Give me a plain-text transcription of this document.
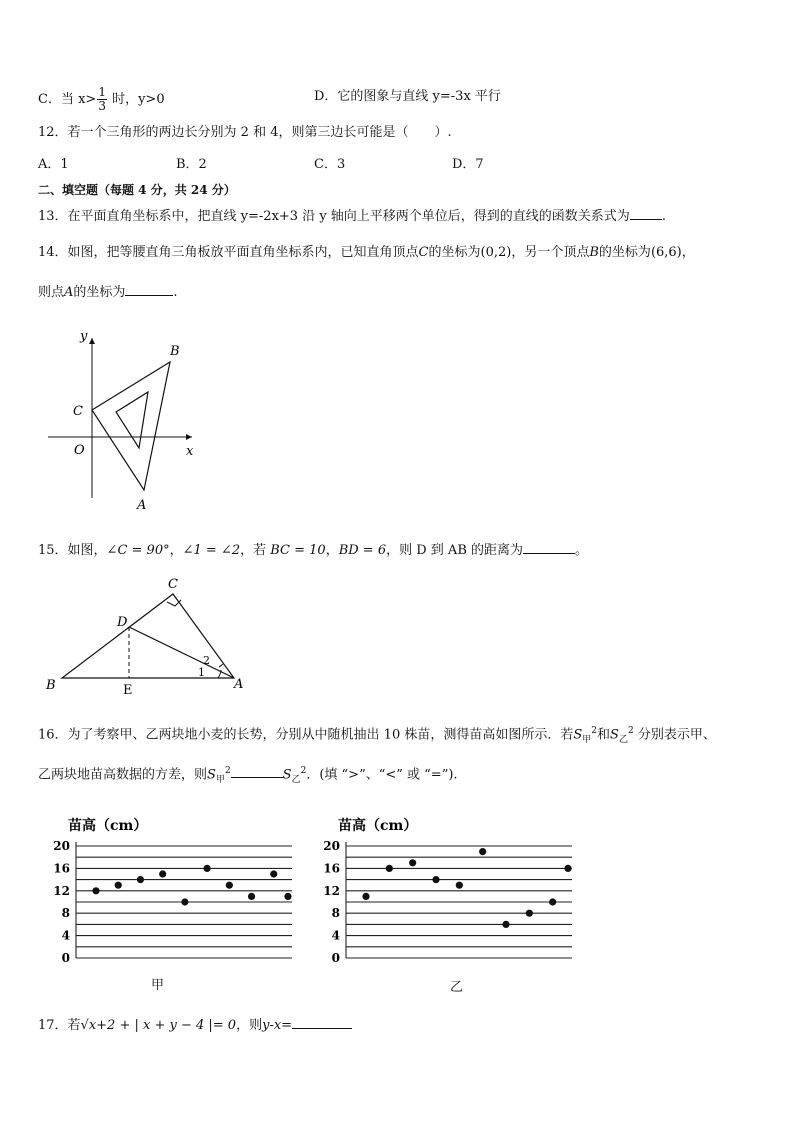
C．当 $x> \frac{1}{3}$ 时，y>0	D．它的图象与直线 y=-3x 平行
12．若一个三角形的两边长分别为 2 和 4，则第三边长可能是（　　）.
A．1	B．2	C．3	D．7
二、填空题（每题 4 分，共 24 分）
13．在平面直角坐标系中，把直线 y=-2x+3 沿 y 轴向上平移两个单位后，得到的直线的函数关系式为 .
14．如图，把等腰直角三角板放平面直角坐标系内，已知直角顶点C的坐标为(0,2)，另一个顶点B的坐标为(6,6)，
则点A的坐标为	.
y
x
O
C
B
A
15．如图，∠C = 90°，∠1 = ∠2，若 BC = 10，BD = 6，则 D 到 AB 的距离为	。
C
D
B	E	A
1
2
16．为了考察甲、乙两块地小麦的长势，分别从中随机抽出 10 株苗，测得苗高如图所示．若$S_甲^2$和$S_乙^2$ 分别表示甲、
乙两块地苗高数据的方差，则$S_甲^2$	$S_乙^2$．(填 “>”、“<” 或 “=”).
苗高（cm）
0
4
8
12
16
20
苗高（cm）
0
4
8
12
16
20
甲	乙
17．若√x+2 + | x + y − 4 |= 0，则y-x=
